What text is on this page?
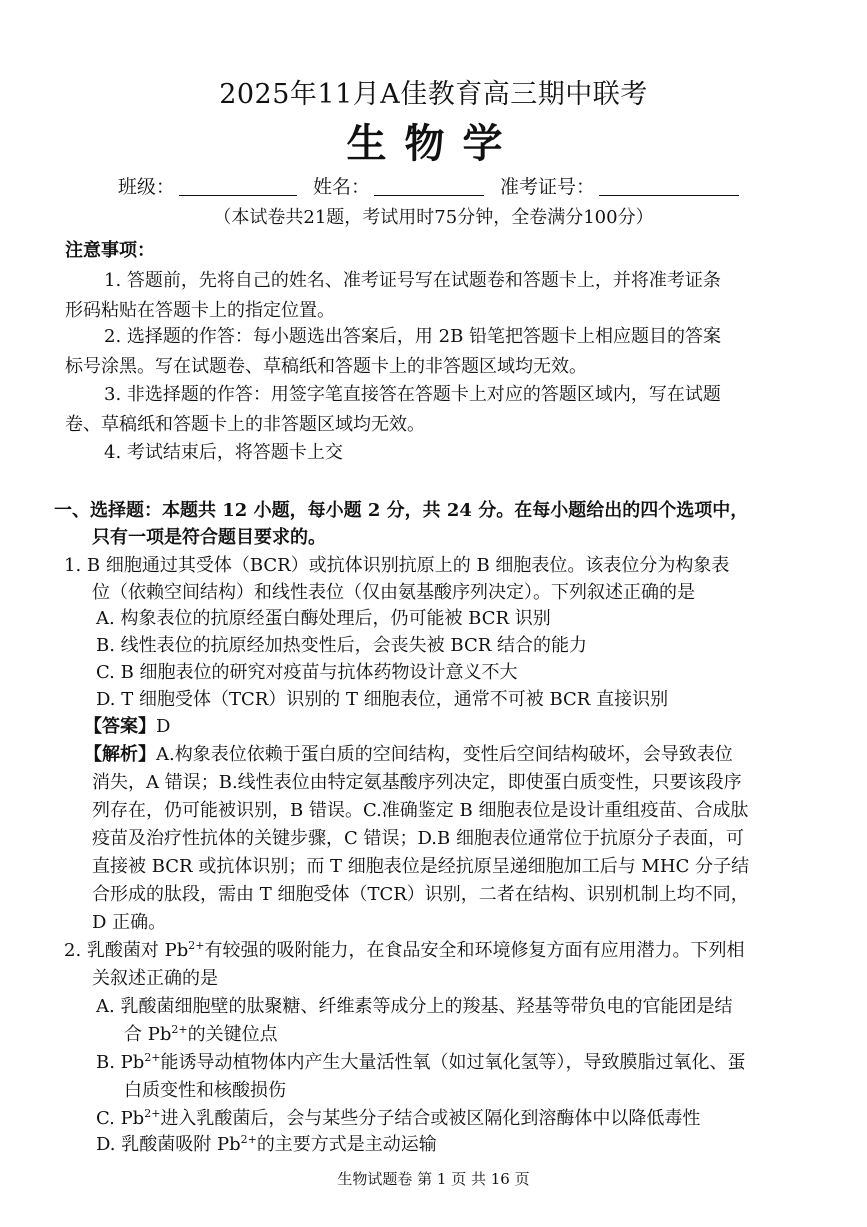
2025年11月A佳教育高三期中联考
生物学
班级：	姓名：	准考证号：
（本试卷共21题，考试用时75分钟，全卷满分100分）
注意事项：
1. 答题前，先将自己的姓名、准考证号写在试题卷和答题卡上，并将准考证条
形码粘贴在答题卡上的指定位置。
2. 选择题的作答：每小题选出答案后，用 2B 铅笔把答题卡上相应题目的答案
标号涂黑。写在试题卷、草稿纸和答题卡上的非答题区域均无效。
3. 非选择题的作答：用签字笔直接答在答题卡上对应的答题区域内，写在试题
卷、草稿纸和答题卡上的非答题区域均无效。
4. 考试结束后，将答题卡上交
一、选择题：本题共 12 小题，每小题 2 分，共 24 分。在每小题给出的四个选项中，
只有一项是符合题目要求的。
1. B 细胞通过其受体（BCR）或抗体识别抗原上的 B 细胞表位。该表位分为构象表
位（依赖空间结构）和线性表位（仅由氨基酸序列决定）。下列叙述正确的是
A. 构象表位的抗原经蛋白酶处理后，仍可能被 BCR 识别
B. 线性表位的抗原经加热变性后，会丧失被 BCR 结合的能力
C. B 细胞表位的研究对疫苗与抗体药物设计意义不大
D. T 细胞受体（TCR）识别的 T 细胞表位，通常不可被 BCR 直接识别
【答案】D
【解析】A.构象表位依赖于蛋白质的空间结构，变性后空间结构破坏，会导致表位
消失，A 错误；B.线性表位由特定氨基酸序列决定，即使蛋白质变性，只要该段序
列存在，仍可能被识别，B 错误。C.准确鉴定 B 细胞表位是设计重组疫苗、合成肽
疫苗及治疗性抗体的关键步骤，C 错误；D.B 细胞表位通常位于抗原分子表面，可
直接被 BCR 或抗体识别；而 T 细胞表位是经抗原呈递细胞加工后与 MHC 分子结
合形成的肽段，需由 T 细胞受体（TCR）识别，二者在结构、识别机制上均不同，
D 正确。
2. 乳酸菌对 $Pb^{2+}$有较强的吸附能力，在食品安全和环境修复方面有应用潜力。下列相
关叙述正确的是
A. 乳酸菌细胞壁的肽聚糖、纤维素等成分上的羧基、羟基等带负电的官能团是结
合 $Pb^{2+}$的关键位点
B. $Pb^{2+}$能诱导动植物体内产生大量活性氧（如过氧化氢等），导致膜脂过氧化、蛋
白质变性和核酸损伤
C. $Pb^{2+}$进入乳酸菌后，会与某些分子结合或被区隔化到溶酶体中以降低毒性
D. 乳酸菌吸附 $Pb^{2+}$的主要方式是主动运输
生物试题卷 第 1 页 共 16 页
